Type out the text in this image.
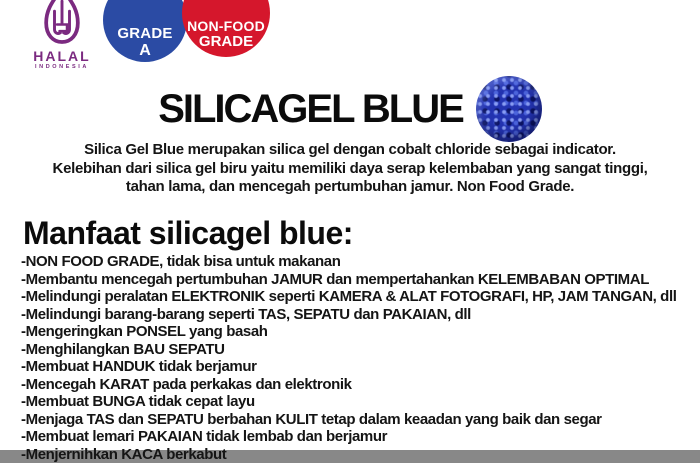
HALAL
INDONESIA
GRADE
A
NON-FOOD
GRADE
SILICAGEL BLUE
Silica Gel Blue merupakan silica gel dengan cobalt chloride sebagai indicator.
Kelebihan dari silica gel biru yaitu memiliki daya serap kelembaban yang sangat tinggi,
tahan lama, dan mencegah pertumbuhan jamur. Non Food Grade.
Manfaat silicagel blue:
-NON FOOD GRADE, tidak bisa untuk makanan
-Membantu mencegah pertumbuhan JAMUR dan mempertahankan KELEMBABAN OPTIMAL
-Melindungi peralatan ELEKTRONIK seperti KAMERA & ALAT FOTOGRAFI, HP, JAM TANGAN, dll
-Melindungi barang-barang seperti TAS, SEPATU dan PAKAIAN, dll
-Mengeringkan PONSEL yang basah
-Menghilangkan BAU SEPATU
-Membuat HANDUK tidak berjamur
-Mencegah KARAT pada perkakas dan elektronik
-Membuat BUNGA tidak cepat layu
-Menjaga TAS dan SEPATU berbahan KULIT tetap dalam keaadan yang baik dan segar
-Membuat lemari PAKAIAN tidak lembab dan berjamur
-Menjernihkan KACA berkabut
